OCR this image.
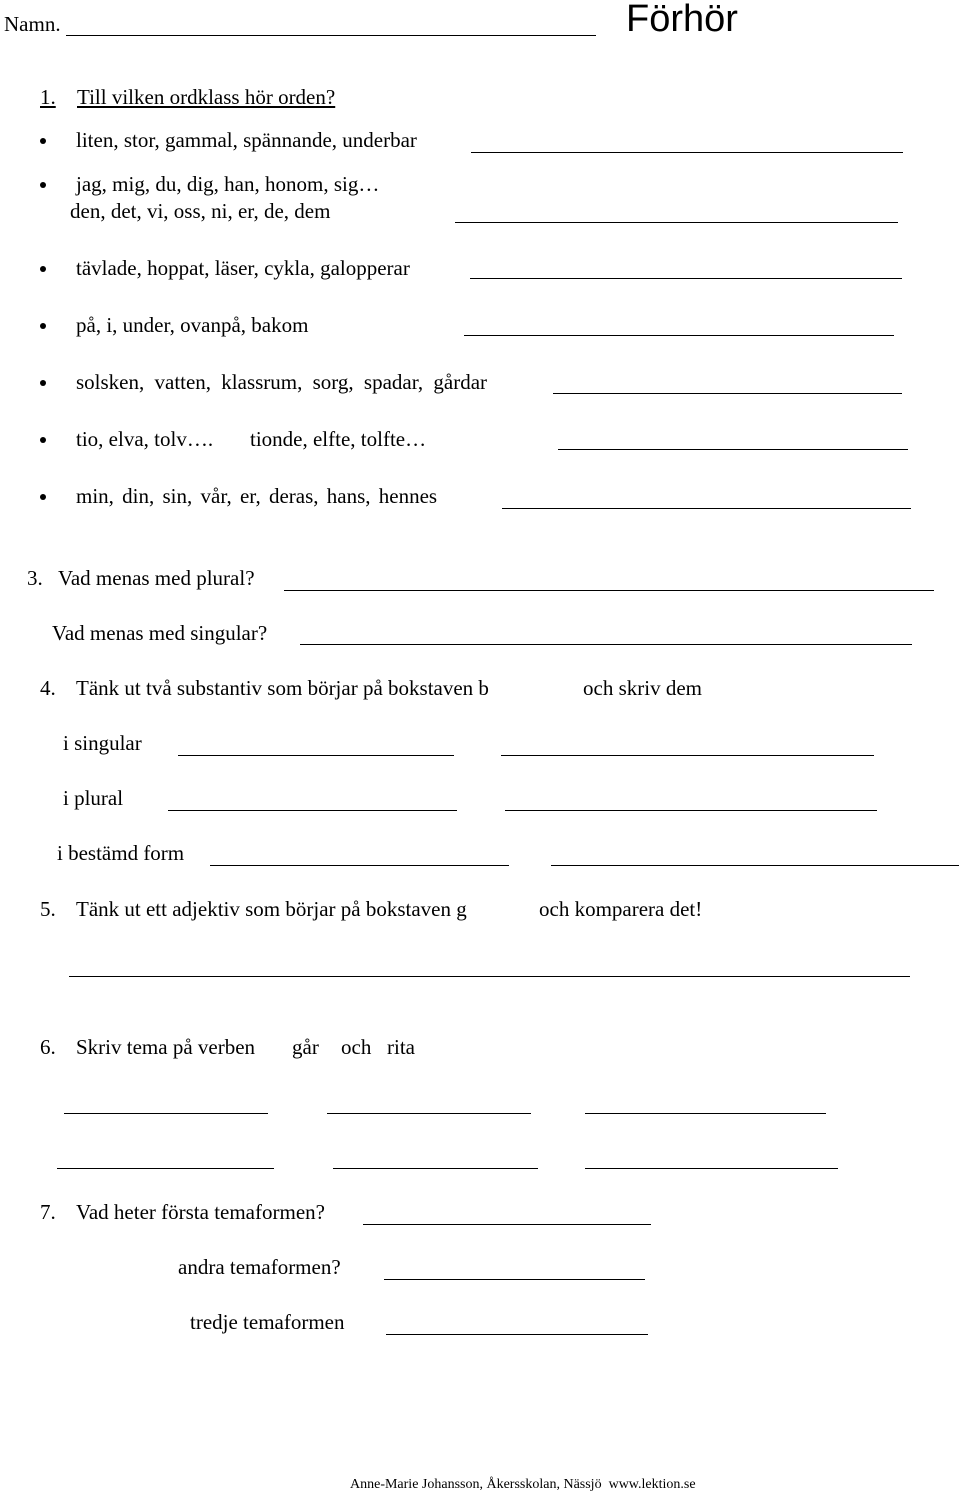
Namn.	Förhör
1. Till vilken ordklass hör orden?
liten, stor, gammal, spännande, underbar
jag, mig, du, dig, han, honom, sig…
den, det, vi, oss, ni, er, de, dem
tävlade, hoppat, läser, cykla, galopperar
på, i, under, ovanpå, bakom
solsken, vatten, klassrum, sorg, spadar, gårdar
tio, elva, tolv…. tionde, elfte, tolfte…
min, din, sin, vår, er, deras, hans, hennes
3. Vad menas med plural?
Vad menas med singular?
4. Tänk ut två substantiv som börjar på bokstaven b	och skriv dem
i singular
i plural
i bestämd form
5. Tänk ut ett adjektiv som börjar på bokstaven g	och komparera det!
6. Skriv tema på verben går och rita
7. Vad heter första temaformen?
andra temaformen?
tredje temaformen
Anne-Marie Johansson, Åkersskolan, Nässjö www.lektion.se
